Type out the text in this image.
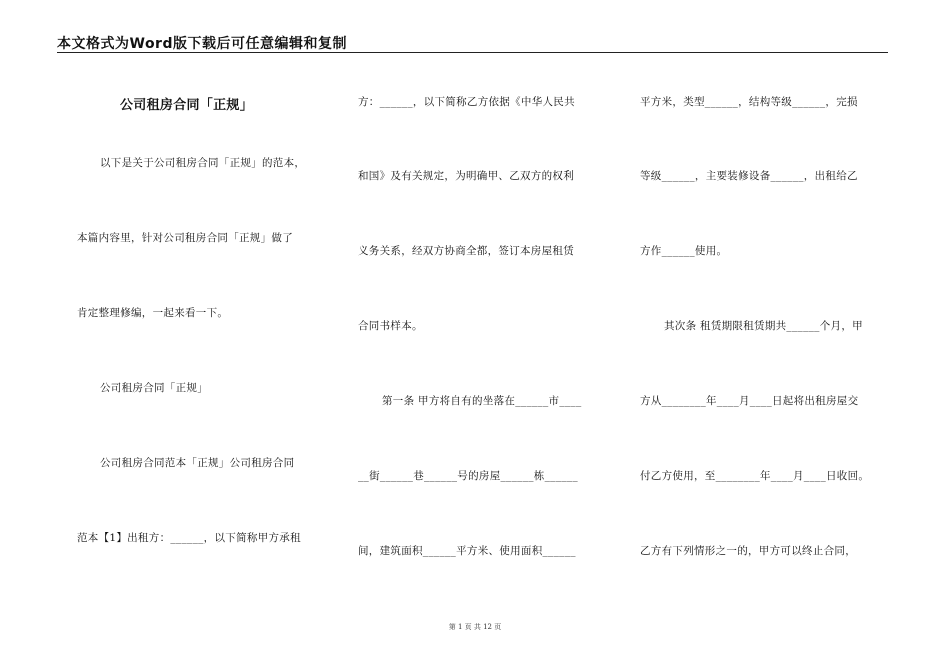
本文格式为Word版下载后可任意编辑和复制
公司租房合同「正规」
以下是关于公司租房合同「正规」的范本，
本篇内容里，针对公司租房合同「正规」做了
肯定整理修编，一起来看一下。
公司租房合同「正规」
公司租房合同范本「正规」公司租房合同
范本【1】出租方：______，以下简称甲方承租
方：______，以下简称乙方依据《中华人民共
和国》及有关规定，为明确甲、乙双方的权利
义务关系，经双方协商全都，签订本房屋租赁
合同书样本。
第一条 甲方将自有的坐落在______市____
__街______巷______号的房屋______栋______
间，建筑面积______平方米、使用面积______
平方米，类型______，结构等级______，完损
等级______，主要装修设备______，出租给乙
方作______使用。
其次条 租赁期限租赁期共______个月，甲
方从________年____月____日起将出租房屋交
付乙方使用，至________年____月____日收回。
乙方有下列情形之一的，甲方可以终止合同，
第 1 页 共 12 页
